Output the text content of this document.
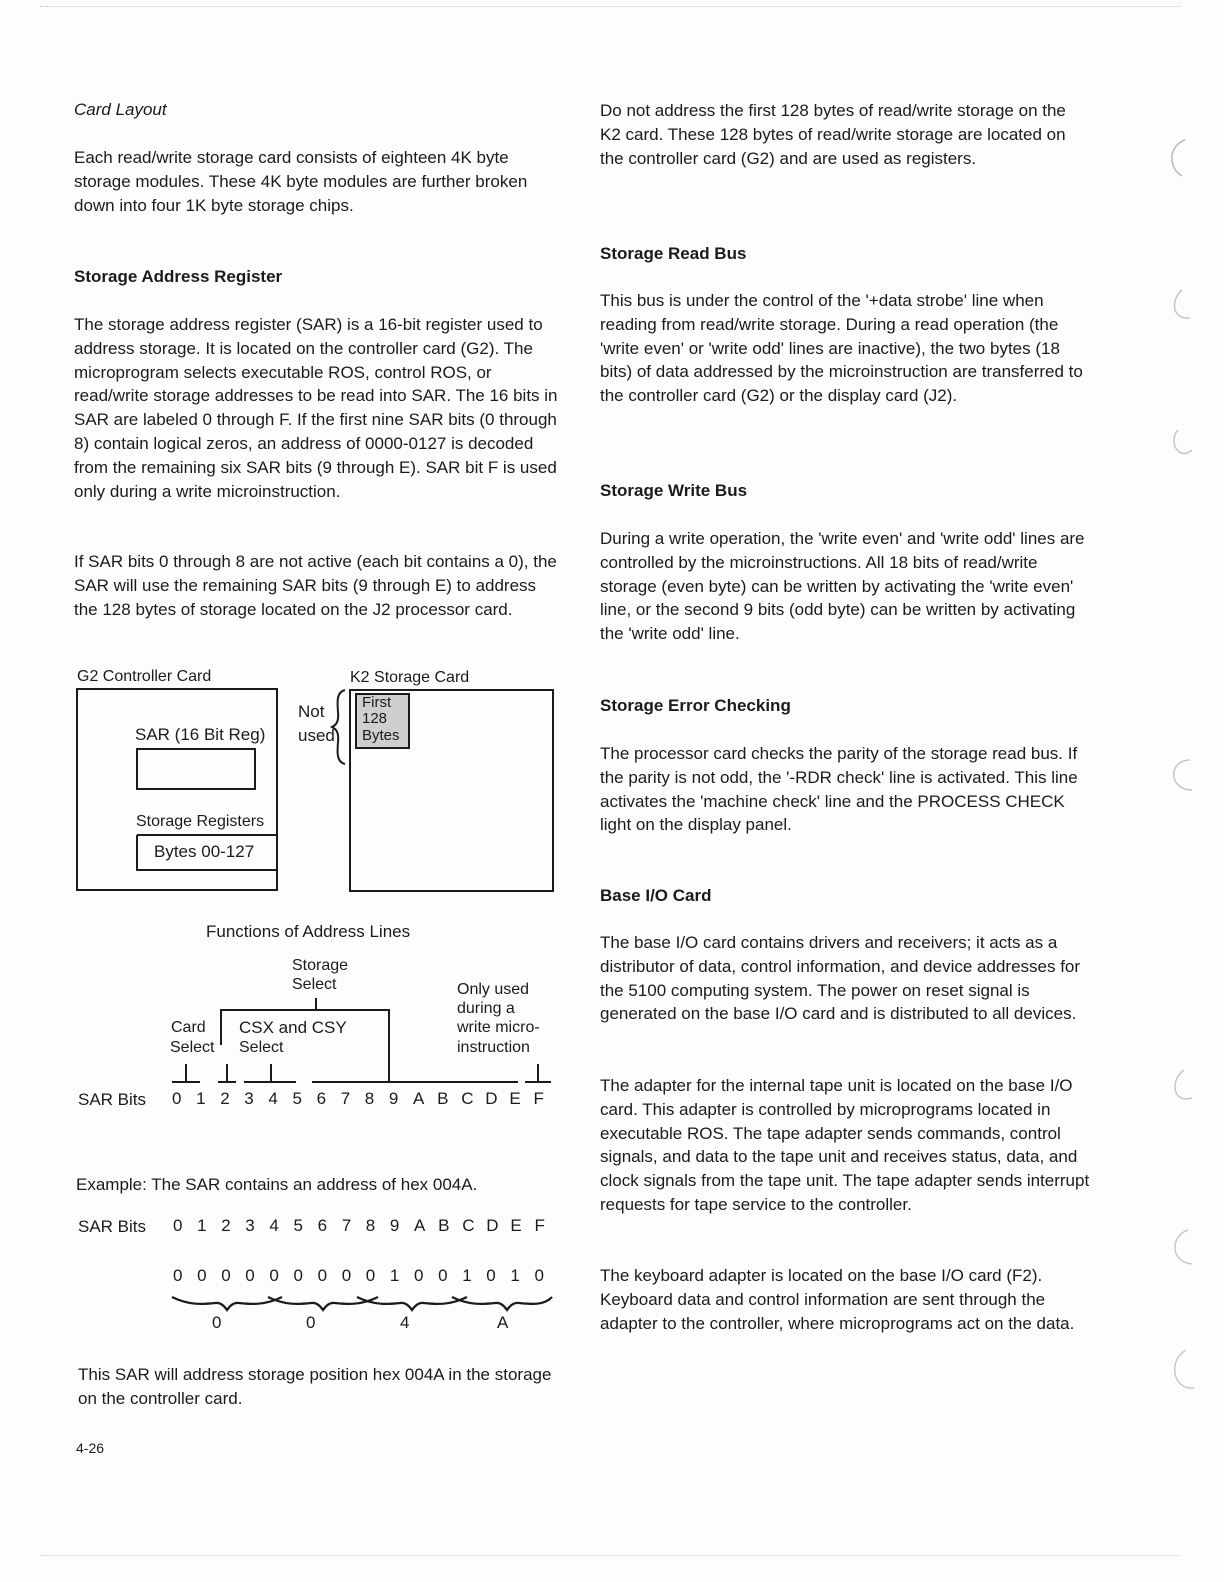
Card Layout

Each read/write storage card consists of eighteen 4K byte storage modules. These 4K byte modules are further broken down into four 1K byte storage chips.

Storage Address Register

The storage address register (SAR) is a 16-bit register used to address storage. It is located on the controller card (G2). The microprogram selects executable ROS, control ROS, or read/write storage addresses to be read into SAR. The 16 bits in SAR are labeled 0 through F. If the first nine SAR bits (0 through 8) contain logical zeros, an address of 0000-0127 is decoded from the remaining six SAR bits (9 through E). SAR bit F is used only during a write microinstruction.

If SAR bits 0 through 8 are not active (each bit contains a 0), the SAR will use the remaining SAR bits (9 through E) to address the 128 bytes of storage located on the J2 processor card.

G2 Controller Card	K2 Storage Card
SAR (16 Bit Reg)
Storage Registers
Bytes 00-127
Not
used
First
128
Bytes
Functions of Address Lines
Storage
Select
Card
Select
CSX and CSY
Select
Only used
during a
write micro-
instruction
SAR Bits 0 1 2 3 4 5 6 7 8 9 A B C D E F
Example: The SAR contains an address of hex 004A.
SAR Bits 0 1 2 3 4 5 6 7 8 9 A B C D E F
0 0 0 0 0 0 0 0 0 1 0 0 1 0 1 0
0	0	4	A

This SAR will address storage position hex 004A in the storage on the controller card.

Do not address the first 128 bytes of read/write storage on the K2 card. These 128 bytes of read/write storage are located on the controller card (G2) and are used as registers.

Storage Read Bus

This bus is under the control of the '+data strobe' line when reading from read/write storage. During a read operation (the 'write even' or 'write odd' lines are inactive), the two bytes (18 bits) of data addressed by the microinstruction are transferred to the controller card (G2) or the display card (J2).

Storage Write Bus

During a write operation, the 'write even' and 'write odd' lines are controlled by the microinstructions. All 18 bits of read/write storage (even byte) can be written by activating the 'write even' line, or the second 9 bits (odd byte) can be written by activating the 'write odd' line.

Storage Error Checking

The processor card checks the parity of the storage read bus. If the parity is not odd, the '-RDR check' line is activated. This line activates the 'machine check' line and the PROCESS CHECK light on the display panel.

Base I/O Card

The base I/O card contains drivers and receivers; it acts as a distributor of data, control information, and device addresses for the 5100 computing system. The power on reset signal is generated on the base I/O card and is distributed to all devices.

The adapter for the internal tape unit is located on the base I/O card. This adapter is controlled by microprograms located in executable ROS. The tape adapter sends commands, control signals, and data to the tape unit and receives status, data, and clock signals from the tape unit. The tape adapter sends interrupt requests for tape service to the controller.

The keyboard adapter is located on the base I/O card (F2). Keyboard data and control information are sent through the adapter to the controller, where microprograms act on the data.

4-26
